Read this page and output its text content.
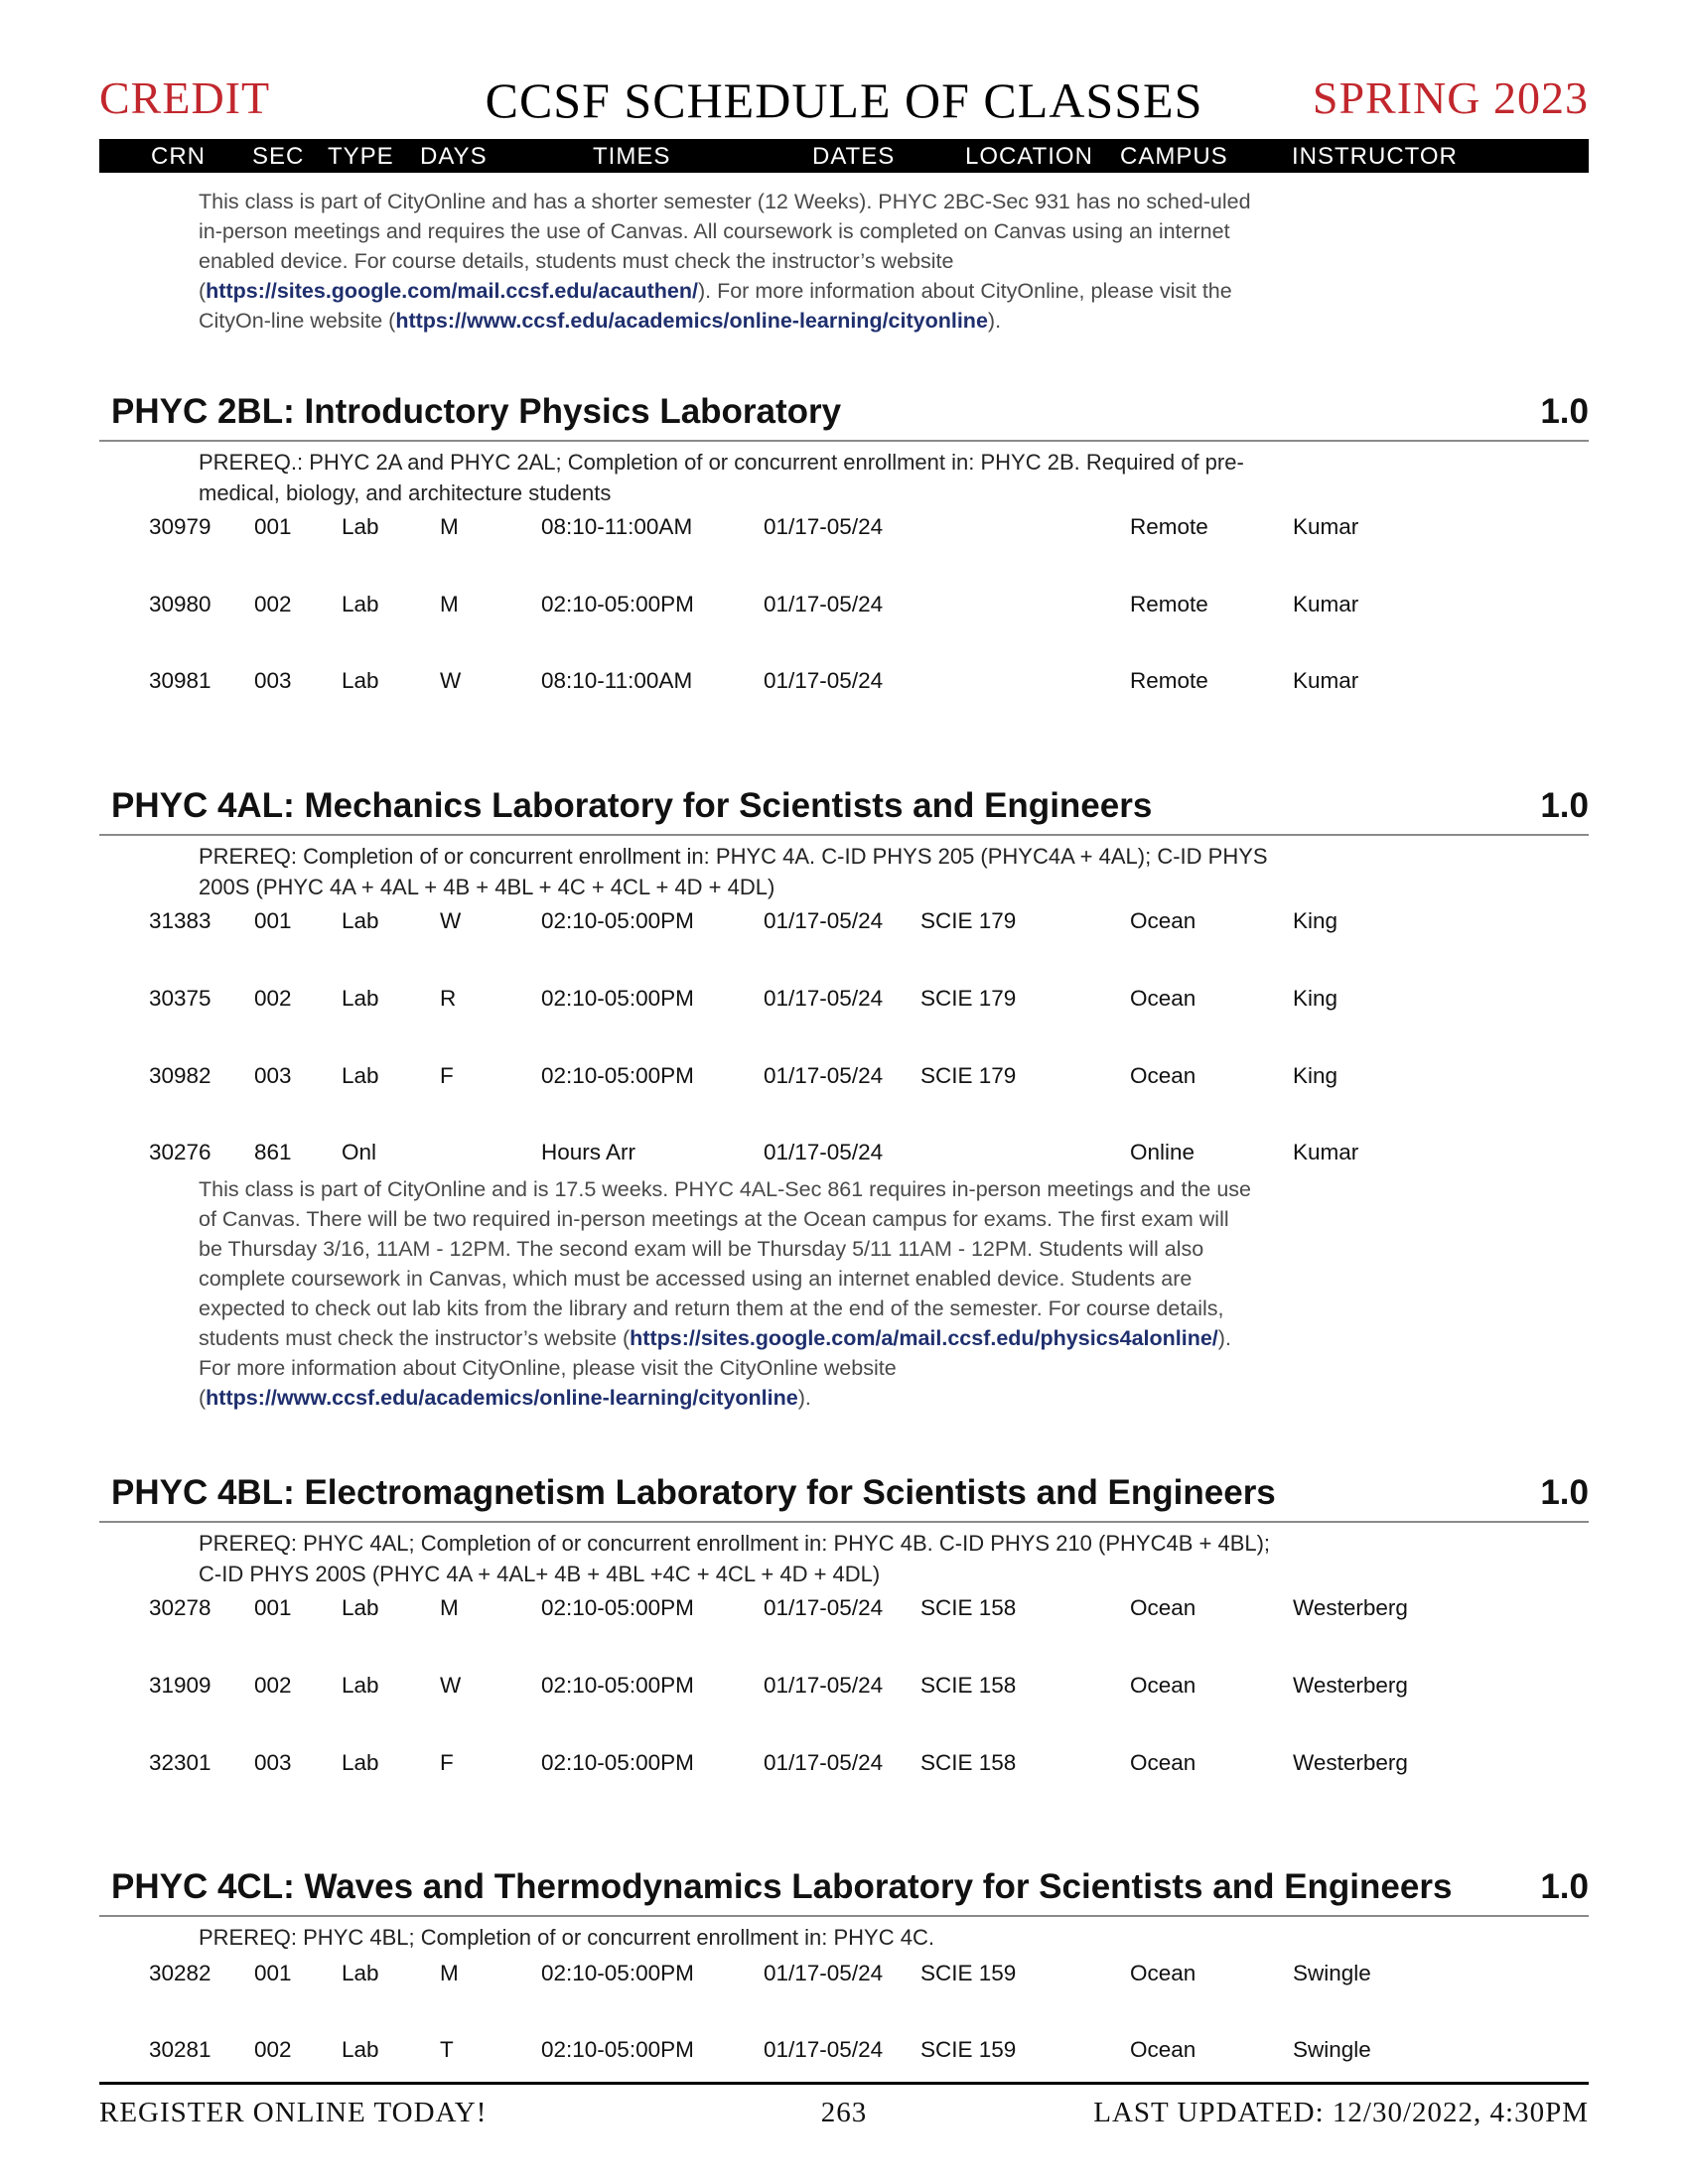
CREDIT	CCSF SCHEDULE OF CLASSES	SPRING 2023
CRN SEC TYPE DAYS	TIMES	DATES	LOCATION CAMPUS	INSTRUCTOR
This class is part of CityOnline and has a shorter semester (12 Weeks). PHYC 2BC-Sec 931 has no sched-uled in-person meetings and requires the use of Canvas. All coursework is completed on Canvas using an internet enabled device. For course details, students must check the instructor’s website (https://sites.google.com/mail.ccsf.edu/acauthen/). For more information about CityOnline, please visit the CityOn-line website (https://www.ccsf.edu/academics/online-learning/cityonline).
PHYC 2BL: Introductory Physics Laboratory	1.0
PREREQ.: PHYC 2A and PHYC 2AL; Completion of or concurrent enrollment in: PHYC 2B. Required of pre-medical, biology, and architecture students
30979 001 Lab	M	08:10-11:00AM	01/17-05/24	Remote	Kumar
30980 002 Lab	M	02:10-05:00PM	01/17-05/24	Remote	Kumar
30981 003 Lab	W	08:10-11:00AM	01/17-05/24	Remote	Kumar
PHYC 4AL: Mechanics Laboratory for Scientists and Engineers	1.0
PREREQ: Completion of or concurrent enrollment in: PHYC 4A. C-ID PHYS 205 (PHYC4A + 4AL); C-ID PHYS 200S (PHYC 4A + 4AL + 4B + 4BL + 4C + 4CL + 4D + 4DL)
31383 001 Lab	W	02:10-05:00PM	01/17-05/24 SCIE 179	Ocean	King
30375 002 Lab	R	02:10-05:00PM	01/17-05/24 SCIE 179	Ocean	King
30982 003 Lab	F	02:10-05:00PM	01/17-05/24 SCIE 179	Ocean	King
30276 861 Onl	Hours Arr	01/17-05/24	Online	Kumar
This class is part of CityOnline and is 17.5 weeks. PHYC 4AL-Sec 861 requires in-person meetings and the use of Canvas. There will be two required in-person meetings at the Ocean campus for exams. The first exam will be Thursday 3/16, 11AM - 12PM. The second exam will be Thursday 5/11 11AM - 12PM. Students will also complete coursework in Canvas, which must be accessed using an internet enabled device. Students are expected to check out lab kits from the library and return them at the end of the semester. For course details, students must check the instructor’s website (https://sites.google.com/a/mail.ccsf.edu/physics4alonline/). For more information about CityOnline, please visit the CityOnline website (https://www.ccsf.edu/academics/online-learning/cityonline).
PHYC 4BL: Electromagnetism Laboratory for Scientists and Engineers	1.0
PREREQ: PHYC 4AL; Completion of or concurrent enrollment in: PHYC 4B. C-ID PHYS 210 (PHYC4B + 4BL); C-ID PHYS 200S (PHYC 4A + 4AL+ 4B + 4BL +4C + 4CL + 4D + 4DL)
30278 001 Lab	M	02:10-05:00PM	01/17-05/24 SCIE 158	Ocean	Westerberg
31909 002 Lab	W	02:10-05:00PM	01/17-05/24 SCIE 158	Ocean	Westerberg
32301 003 Lab	F	02:10-05:00PM	01/17-05/24 SCIE 158	Ocean	Westerberg
PHYC 4CL: Waves and Thermodynamics Laboratory for Scientists and Engineers	1.0
PREREQ: PHYC 4BL; Completion of or concurrent enrollment in: PHYC 4C.
30282 001 Lab	M	02:10-05:00PM	01/17-05/24 SCIE 159	Ocean	Swingle
30281 002 Lab	T	02:10-05:00PM	01/17-05/24 SCIE 159	Ocean	Swingle
REGISTER ONLINE TODAY!	263	LAST UPDATED: 12/30/2022, 4:30PM
